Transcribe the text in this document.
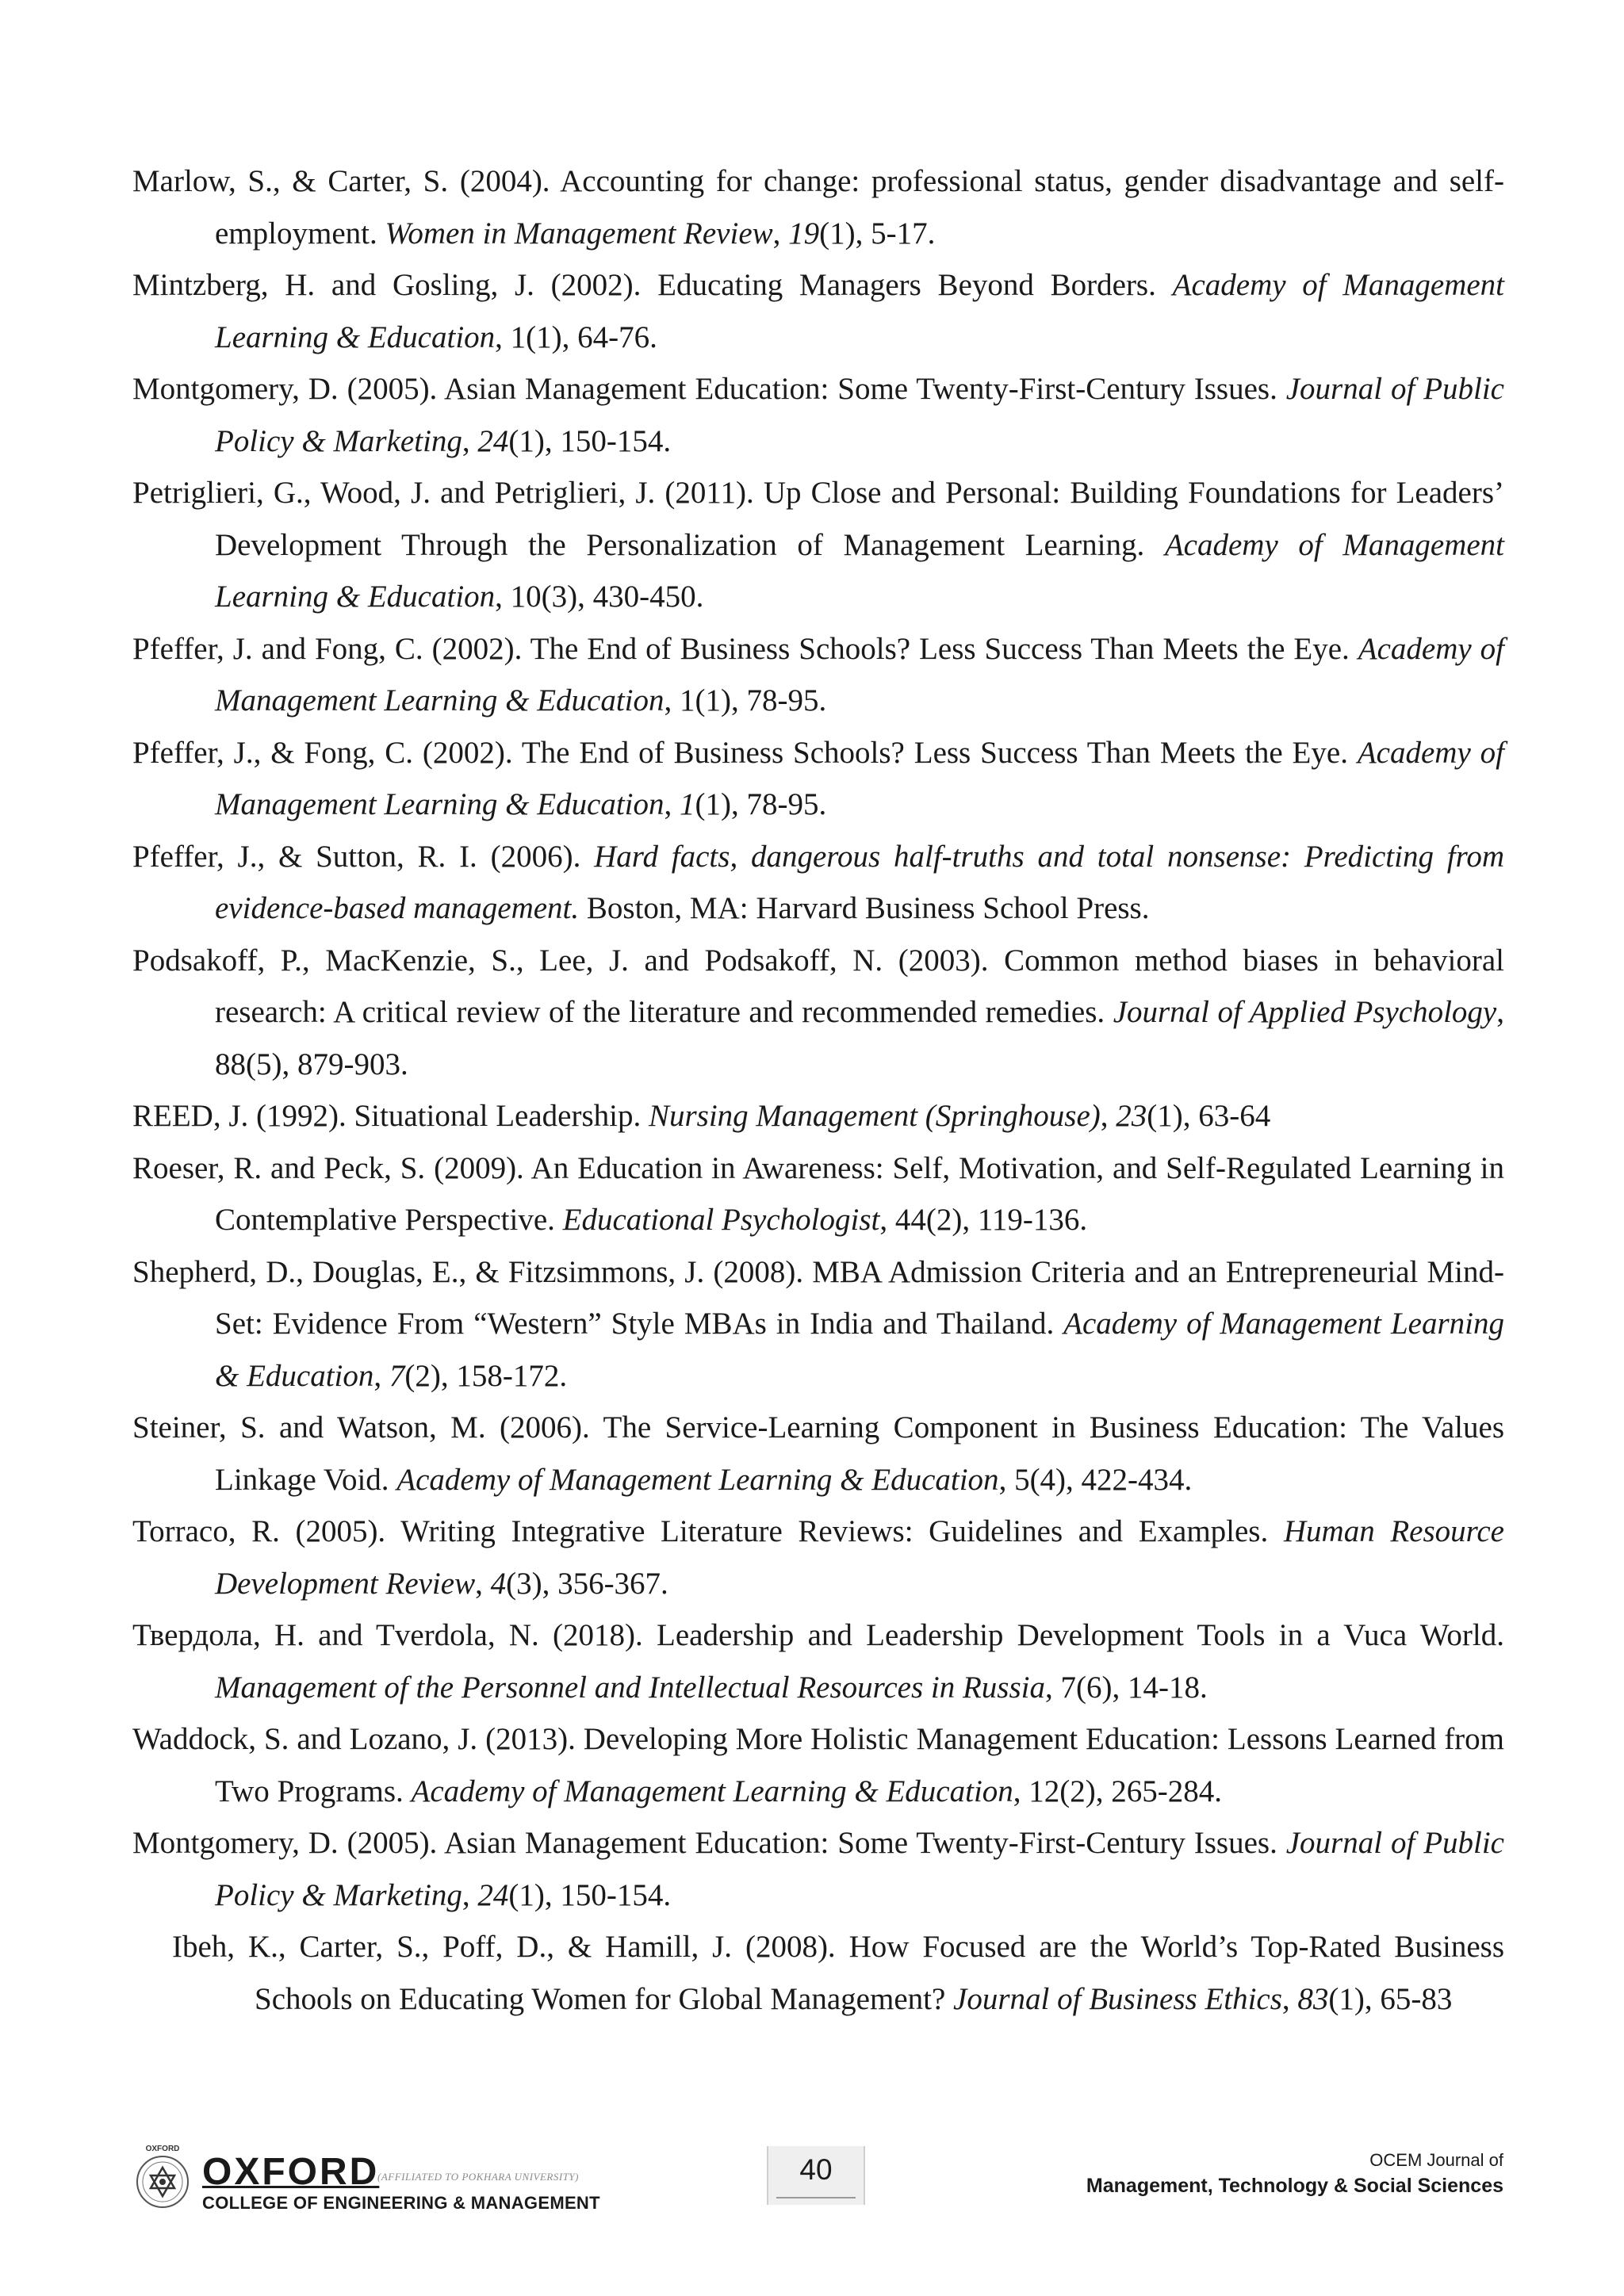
Marlow, S., & Carter, S. (2004). Accounting for change: professional status, gender disadvantage and self-employment. Women in Management Review, 19(1), 5-17.

Mintzberg, H. and Gosling, J. (2002). Educating Managers Beyond Borders. Academy of Management Learning & Education, 1(1), 64-76.

Montgomery, D. (2005). Asian Management Education: Some Twenty-First-Century Issues. Journal of Public Policy & Marketing, 24(1), 150-154.

Petriglieri, G., Wood, J. and Petriglieri, J. (2011). Up Close and Personal: Building Foundations for Leaders’ Development Through the Personalization of Management Learning. Academy of Management Learning & Education, 10(3), 430-450.

Pfeffer, J. and Fong, C. (2002). The End of Business Schools? Less Success Than Meets the Eye. Academy of Management Learning & Education, 1(1), 78-95.

Pfeffer, J., & Fong, C. (2002). The End of Business Schools? Less Success Than Meets the Eye. Academy of Management Learning & Education, 1(1), 78-95.

Pfeffer, J., & Sutton, R. I. (2006). Hard facts, dangerous half-truths and total nonsense: Predicting from evidence-based management. Boston, MA: Harvard Business School Press.

Podsakoff, P., MacKenzie, S., Lee, J. and Podsakoff, N. (2003). Common method biases in behavioral research: A critical review of the literature and recommended remedies. Journal of Applied Psychology, 88(5), 879-903.

REED, J. (1992). Situational Leadership. Nursing Management (Springhouse), 23(1), 63-64

Roeser, R. and Peck, S. (2009). An Education in Awareness: Self, Motivation, and Self-Regulated Learning in Contemplative Perspective. Educational Psychologist, 44(2), 119-136.

Shepherd, D., Douglas, E., & Fitzsimmons, J. (2008). MBA Admission Criteria and an Entrepreneurial Mind-Set: Evidence From “Western” Style MBAs in India and Thailand. Academy of Management Learning & Education, 7(2), 158-172.

Steiner, S. and Watson, M. (2006). The Service-Learning Component in Business Education: The Values Linkage Void. Academy of Management Learning & Education, 5(4), 422-434.

Torraco, R. (2005). Writing Integrative Literature Reviews: Guidelines and Examples. Human Resource Development Review, 4(3), 356-367.

Твердола, Н. and Tverdola, N. (2018). Leadership and Leadership Development Tools in a Vuca World. Management of the Personnel and Intellectual Resources in Russia, 7(6), 14-18.

Waddock, S. and Lozano, J. (2013). Developing More Holistic Management Education: Lessons Learned from Two Programs. Academy of Management Learning & Education, 12(2), 265-284.

Montgomery, D. (2005). Asian Management Education: Some Twenty-First-Century Issues. Journal of Public Policy & Marketing, 24(1), 150-154.

Ibeh, K., Carter, S., Poff, D., & Hamill, J. (2008). How Focused are the World’s Top-Rated Business Schools on Educating Women for Global Management? Journal of Business Ethics, 83(1), 65-83

OXFORD
(AFFILIATED TO POKHARA UNIVERSITY)
OXFORD
COLLEGE OF ENGINEERING & MANAGEMENT
40	OCEM Journal of
Management, Technology & Social Sciences
